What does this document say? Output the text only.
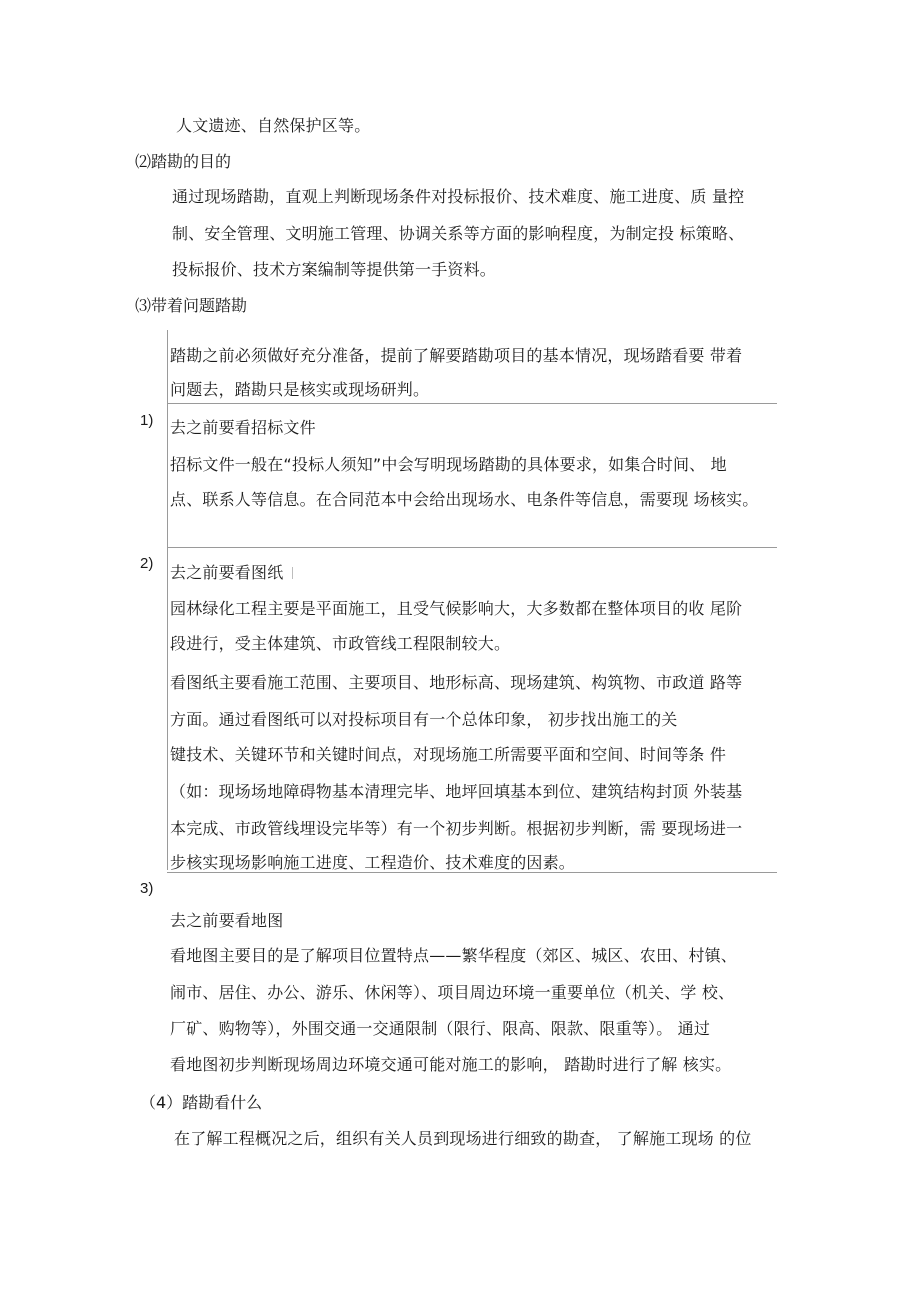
人文遗迹、自然保护区等。
⑵踏勘的目的
通过现场踏勘，直观上判断现场条件对投标报价、技术难度、施工进度、质 量控
制、安全管理、文明施工管理、协调关系等方面的影响程度，为制定投 标策略、
投标报价、技术方案编制等提供第一手资料。
⑶带着问题踏勘
踏勘之前必须做好充分准备，提前了解要踏勘项目的基本情况，现场踏看要 带着
问题去，踏勘只是核实或现场研判。
1) 去之前要看招标文件
招标文件一般在“投标人须知”中会写明现场踏勘的具体要求，如集合时间、 地
点、联系人等信息。在合同范本中会给出现场水、电条件等信息，需要现 场核实。
2) 去之前要看图纸
园林绿化工程主要是平面施工，且受气候影响大，大多数都在整体项目的收 尾阶
段进行，受主体建筑、市政管线工程限制较大。
看图纸主要看施工范围、主要项目、地形标高、现场建筑、构筑物、市政道 路等
方面。通过看图纸可以对投标项目有一个总体印象， 初步找出施工的关
键技术、关键环节和关键时间点，对现场施工所需要平面和空间、时间等条 件
（如：现场场地障碍物基本清理完毕、地坪回填基本到位、建筑结构封顶 外装基
本完成、市政管线埋设完毕等）有一个初步判断。根据初步判断，需 要现场进一
步核实现场影响施工进度、工程造价、技术难度的因素。
3)
去之前要看地图
看地图主要目的是了解项目位置特点——繁华程度（郊区、城区、农田、村镇、
闹市、居住、办公、游乐、休闲等）、项目周边环境一重要单位（机关、学 校、
厂矿、购物等），外围交通一交通限制（限行、限高、限款、限重等）。 通过
看地图初步判断现场周边环境交通可能对施工的影响， 踏勘时进行了解 核实。
（4）踏勘看什么
在了解工程概况之后，组织有关人员到现场进行细致的勘查， 了解施工现场 的位
